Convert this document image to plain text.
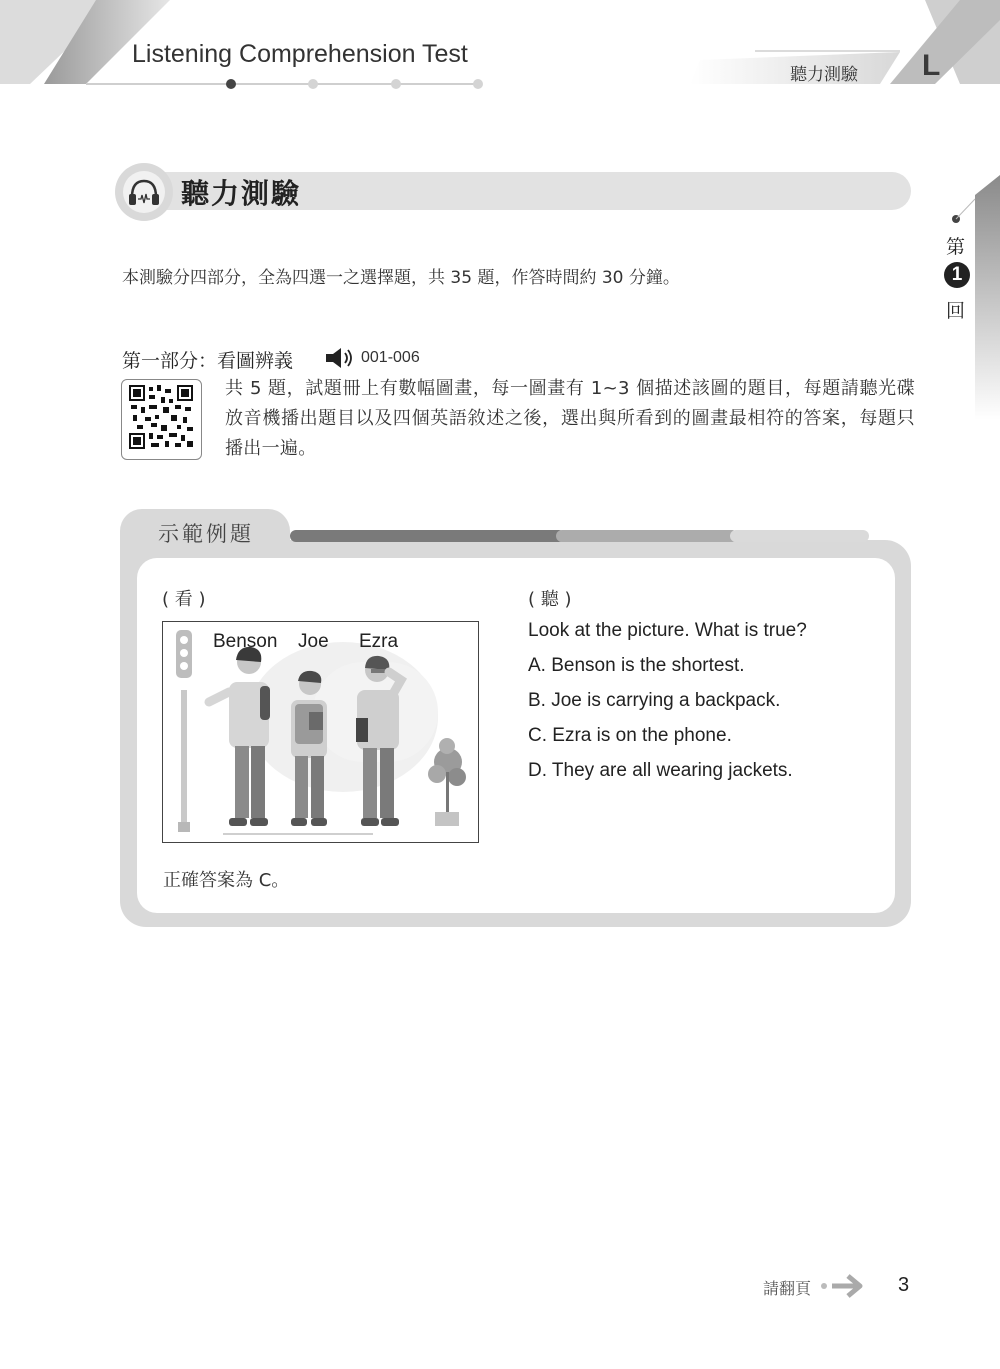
Listening Comprehension Test
聽力測驗 L
第
1
回
聽力測驗
本測驗分四部分，全為四選一之選擇題，共 35 題，作答時間約 30 分鐘。
第一部分：看圖辨義	001-006
共 5 題，試題冊上有數幅圖畫，每一圖畫有 1~3 個描述該圖的題目，每題請聽光碟放音機播出題目以及四個英語敘述之後，選出與所看到的圖畫最相符的答案，每題只播出一遍。
示範例題
( 看 )	( 聽 )
Benson Joe Ezra
Look at the picture. What is true?
A. Benson is the shortest.
B. Joe is carrying a backpack.
C. Ezra is on the phone.
D. They are all wearing jackets.
正確答案為 C。
請翻頁	3
